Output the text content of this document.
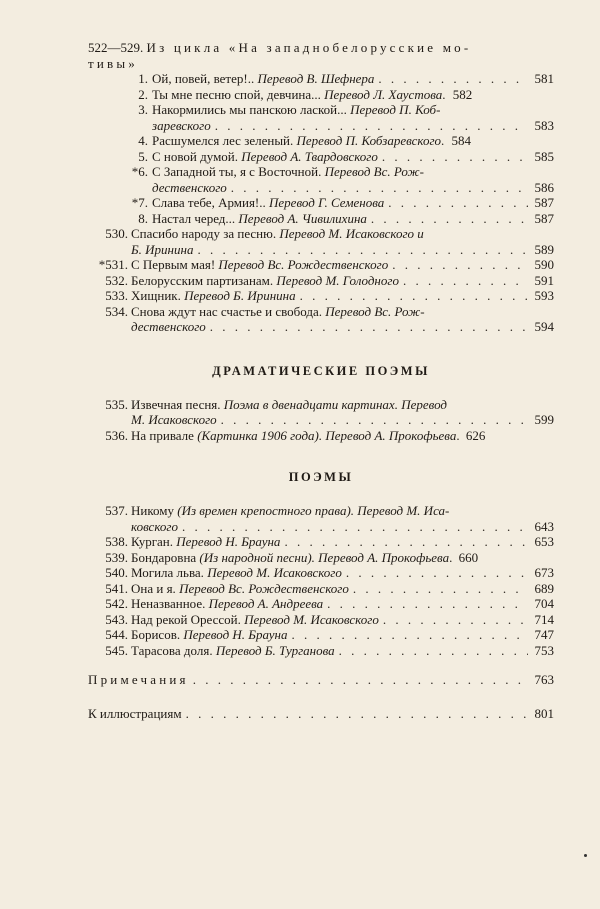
522—529. Из цикла «На западнобелорусские мо-
тивы»
1. Ой, повей, ветер!.. Перевод В. Шефнера . . .	581
2. Ты мне песню спой, девчина... Перевод Л. Хаустова . . . 582
3. Накормились мы панскою лаской... Перевод П. Коб-
заревского . . .	583
4. Расшумелся лес зеленый. Перевод П. Кобзаревского . . . 584
5. С новой думой. Перевод А. Твардовского . . .	585
*6. С Западной ты, я с Восточной. Перевод Вс. Рож-
дественского . . .	586
*7. Слава тебе, Армия!.. Перевод Г. Семенова . . .	587
8. Настал черед... Перевод А. Чивилихина . . .	587
530. Спасибо народу за песню. Перевод М. Исаковского и
Б. Иринина . . .	589
*531. С Первым мая! Перевод Вс. Рождественского . . .	590
532. Белорусским партизанам. Перевод М. Голодного . . .	591
533. Хищник. Перевод Б. Иринина . . .	593
534. Снова ждут нас счастье и свобода. Перевод Вс. Рож-
дественского . . .	594
ДРАМАТИЧЕСКИЕ ПОЭМЫ
535. Извечная песня. Поэма в двенадцати картинах. Перевод
М. Исаковского . . .	599
536. На привале (Картинка 1906 года). Перевод А. Прокофьева . . . 626
ПОЭМЫ
537. Никому (Из времен крепостного права). Перевод М. Иса-
ковского . . .	643
538. Курган. Перевод Н. Брауна . . .	653
539. Бондаровна (Из народной песни). Перевод А. Прокофьева . . . 660
540. Могила льва. Перевод М. Исаковского . . .	673
541. Она и я. Перевод Вс. Рождественского . . .	689
542. Неназванное. Перевод А. Андреева . . .	704
543. Над рекой Орессой. Перевод М. Исаковского . . .	714
544. Борисов. Перевод Н. Брауна . . .	747
545. Тарасова доля. Перевод Б. Турганова . . .	753
Примечания . . .	763
К иллюстрациям . . .	801
